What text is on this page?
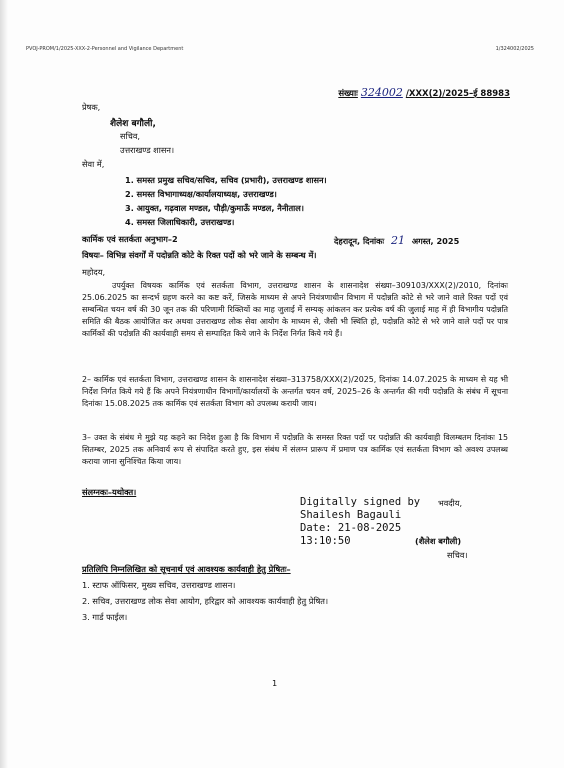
PVOJ-PROM/1/2025-XXX-2-Personnel and Vigilance Department	1/324002/2025
संख्याः 324002 /XXX(2)/2025–ई 88983
प्रेषक,
शैलेश बगौली,
सचिव,
उत्तराखण्ड शासन।
सेवा में,
1. समस्त प्रमुख सचिव/सचिव, सचिव (प्रभारी), उत्तराखण्ड शासन।
2. समस्त विभागाध्यक्ष/कार्यालयाध्यक्ष, उत्तराखण्ड।
3. आयुक्त, गढ़वाल मण्डल, पौड़ी/कुमाऊँ मण्डल, नैनीताल।
4. समस्त जिलाधिकारी, उत्तराखण्ड।
कार्मिक एवं सतर्कता अनुभाग–2	देहरादून, दिनांकः 21 अगस्त, 2025
विषयः– विभिन्न संवर्गों में पदोन्नति कोटे के रिक्त पदों को भरे जाने के सम्बन्ध में।
महोदय,
उपर्युक्त विषयक कार्मिक एवं सतर्कता विभाग, उत्तराखण्ड शासन के शासनादेश संख्या–309103/XXX(2)/2010, दिनांकः 25.06.2025 का सन्दर्भ ग्रहण करने का कष्ट करें, जिसके माध्यम से अपने नियंत्रणाधीन विभाग में पदोन्नति कोटे से भरे जाने वाले रिक्त पदों एवं सम्बन्धित चयन वर्ष की 30 जून तक की परिणामी रिक्तियों का माह जुलाई में सम्यक् आंकलन कर प्रत्येक वर्ष की जुलाई माह में ही विभागीय पदोन्नति समिति की बैठक आयोजित कर अथवा उत्तराखण्ड लोक सेवा आयोग के माध्यम से, जैसी भी स्थिति हो, पदोन्नति कोटे से भरे जाने वाले पदों पर पात्र कार्मिकों की पदोन्नति की कार्यवाही समय से सम्पादित किये जाने के निर्देश निर्गत किये गये हैं।
2– कार्मिक एवं सतर्कता विभाग, उत्तराखण्ड शासन के शासनादेश संख्या–313758/XXX(2)/2025, दिनांकः 14.07.2025 के माध्यम से यह भी निर्देश निर्गत किये गये हैं कि अपने नियंत्रणाधीन विभागों/कार्यालयों के अन्तर्गत चयन वर्ष, 2025–26 के अन्तर्गत की गयी पदोन्नति के संबंध में सूचना दिनांकः 15.08.2025 तक कार्मिक एवं सतर्कता विभाग को उपलब्ध करायी जाय।
3– उक्त के संबंध मे मुझे यह कहने का निदेश हुआ है कि विभाग में पदोन्नति के समस्त रिक्त पदों पर पदोन्नति की कार्यवाही विलम्बतम दिनांकः 15 सितम्बर, 2025 तक अनिवार्य रूप से संपादित करते हुए, इस संबंध में संलग्न प्रारूप में प्रमाण पत्र कार्मिक एवं सतर्कता विभाग को अवश्य उपलब्ध कराया जाना सुनिश्चित किया जाय।
संलग्नकः–यथोक्त।
Digitally signed by
Shailesh Bagauli
Date: 21-08-2025
13:10:50
भवदीय,
(शैलेश बगौली)
सचिव।
प्रतिलिपि निम्नलिखित को सूचनार्थ एवं आवश्यक कार्यवाही हेतु प्रेषितः–
1. स्टाफ ऑफिसर, मुख्य सचिव, उत्तराखण्ड शासन।
2. सचिव, उत्तराखण्ड लोक सेवा आयोग, हरिद्वार को आवश्यक कार्यवाही हेतु प्रेषित।
3. गार्ड फाईल।
1
